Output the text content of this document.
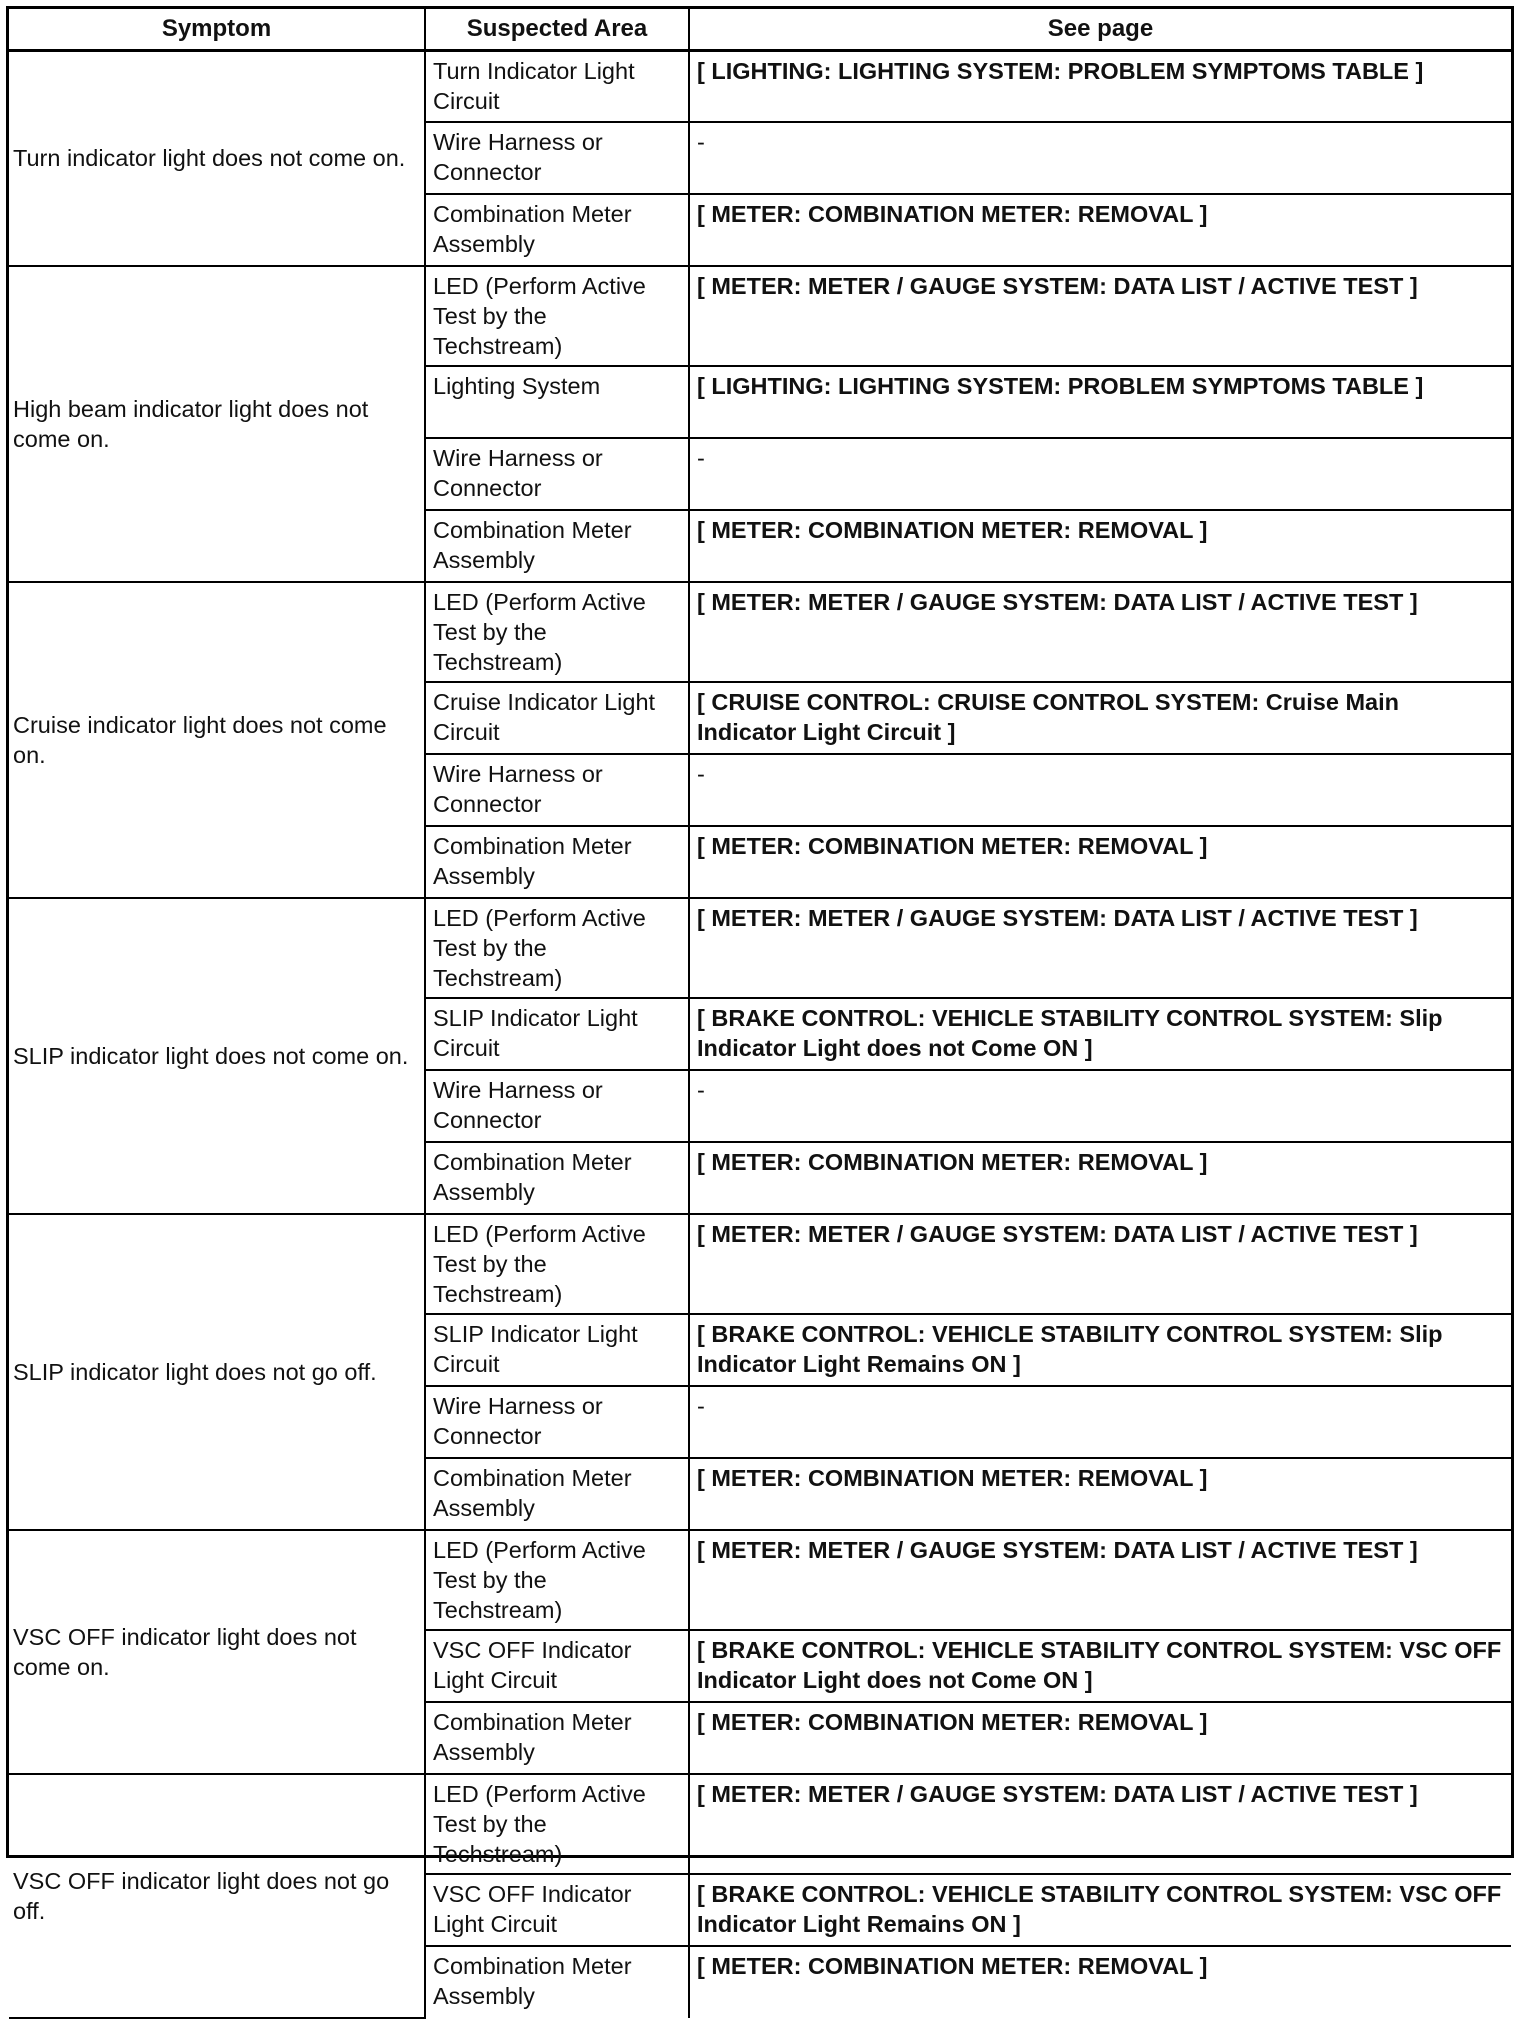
Symptom	Suspected Area	See page
Turn indicator light does not come on.	Turn Indicator Light Circuit	[ LIGHTING: LIGHTING SYSTEM: PROBLEM SYMPTOMS TABLE ]
	Wire Harness or Connector	-
	Combination Meter Assembly	[ METER: COMBINATION METER: REMOVAL ]
High beam indicator light does not come on.	LED (Perform Active Test by the Techstream)	[ METER: METER / GAUGE SYSTEM: DATA LIST / ACTIVE TEST ]
	Lighting System	[ LIGHTING: LIGHTING SYSTEM: PROBLEM SYMPTOMS TABLE ]
	Wire Harness or Connector	-
	Combination Meter Assembly	[ METER: COMBINATION METER: REMOVAL ]
Cruise indicator light does not come on.	LED (Perform Active Test by the Techstream)	[ METER: METER / GAUGE SYSTEM: DATA LIST / ACTIVE TEST ]
	Cruise Indicator Light Circuit	[ CRUISE CONTROL: CRUISE CONTROL SYSTEM: Cruise Main Indicator Light Circuit ]
	Wire Harness or Connector	-
	Combination Meter Assembly	[ METER: COMBINATION METER: REMOVAL ]
SLIP indicator light does not come on.	LED (Perform Active Test by the Techstream)	[ METER: METER / GAUGE SYSTEM: DATA LIST / ACTIVE TEST ]
	SLIP Indicator Light Circuit	[ BRAKE CONTROL: VEHICLE STABILITY CONTROL SYSTEM: Slip Indicator Light does not Come ON ]
	Wire Harness or Connector	-
	Combination Meter Assembly	[ METER: COMBINATION METER: REMOVAL ]
SLIP indicator light does not go off.	LED (Perform Active Test by the Techstream)	[ METER: METER / GAUGE SYSTEM: DATA LIST / ACTIVE TEST ]
	SLIP Indicator Light Circuit	[ BRAKE CONTROL: VEHICLE STABILITY CONTROL SYSTEM: Slip Indicator Light Remains ON ]
	Wire Harness or Connector	-
	Combination Meter Assembly	[ METER: COMBINATION METER: REMOVAL ]
VSC OFF indicator light does not come on.	LED (Perform Active Test by the Techstream)	[ METER: METER / GAUGE SYSTEM: DATA LIST / ACTIVE TEST ]
	VSC OFF Indicator Light Circuit	[ BRAKE CONTROL: VEHICLE STABILITY CONTROL SYSTEM: VSC OFF Indicator Light does not Come ON ]
	Combination Meter Assembly	[ METER: COMBINATION METER: REMOVAL ]
VSC OFF indicator light does not go off.	LED (Perform Active Test by the Techstream)	[ METER: METER / GAUGE SYSTEM: DATA LIST / ACTIVE TEST ]
	VSC OFF Indicator Light Circuit	[ BRAKE CONTROL: VEHICLE STABILITY CONTROL SYSTEM: VSC OFF Indicator Light Remains ON ]
	Combination Meter Assembly	[ METER: COMBINATION METER: REMOVAL ]
